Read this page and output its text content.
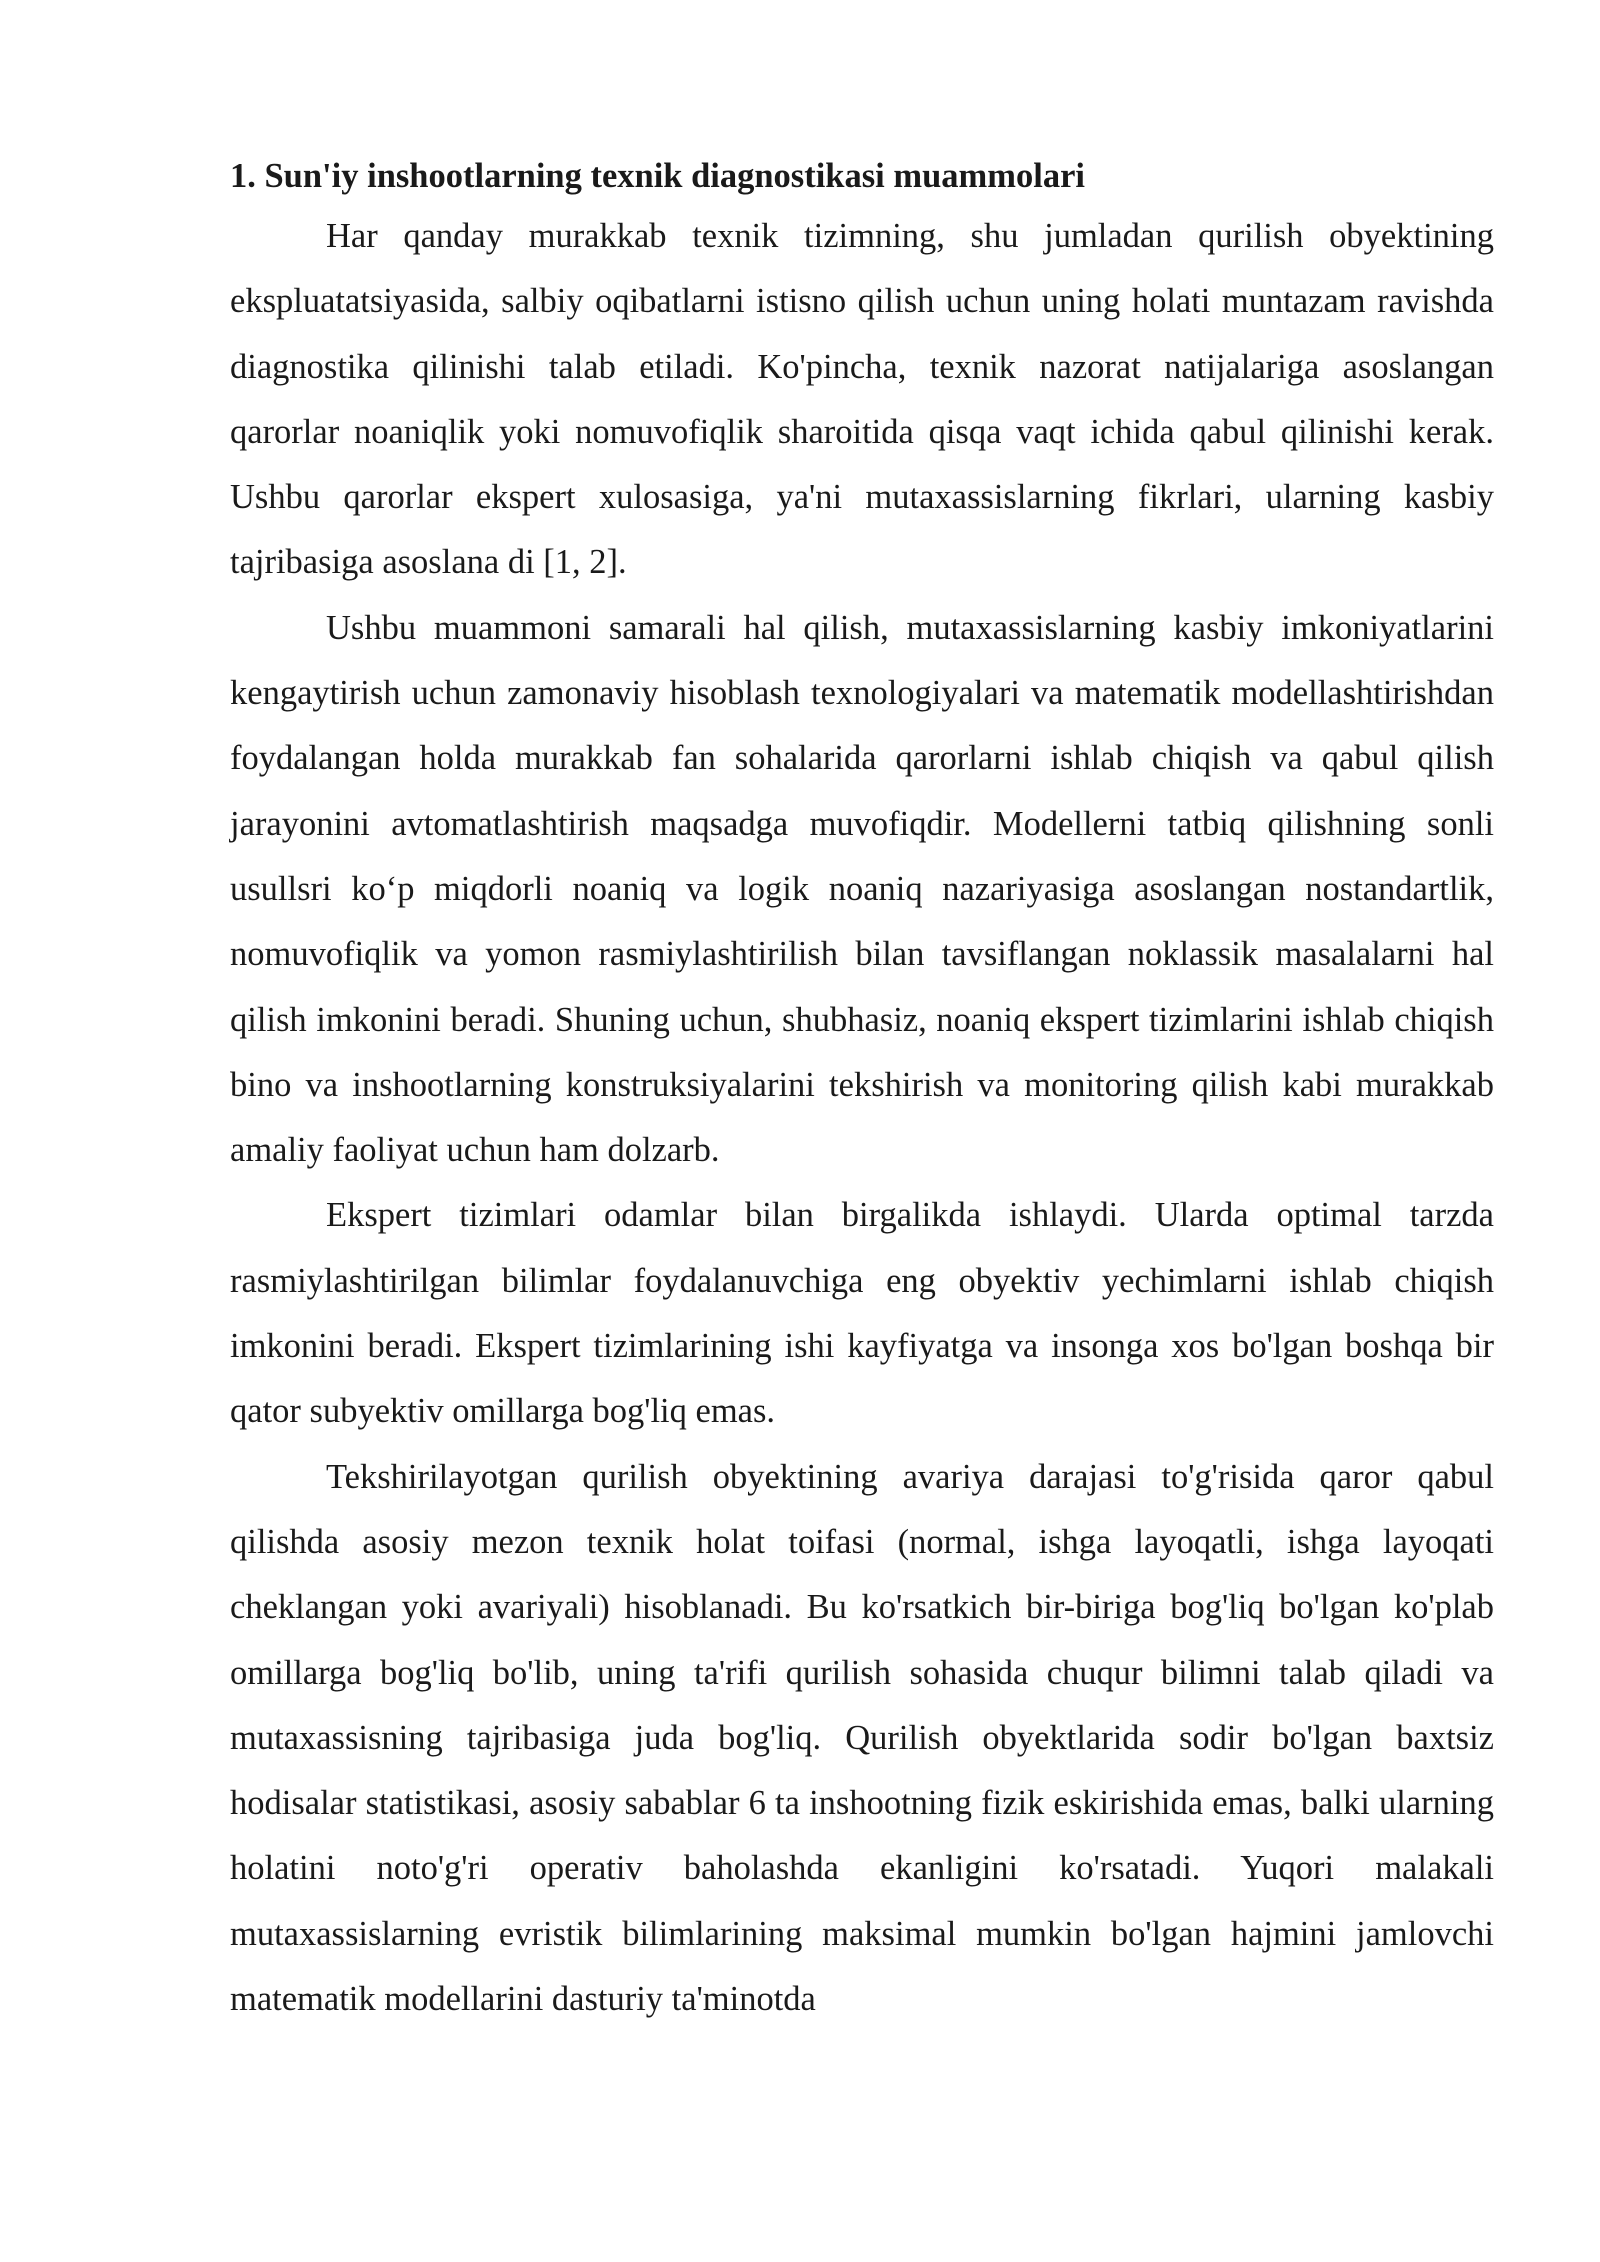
1. Sun'iy inshootlarning texnik diagnostikasi muammolari

Har qanday murakkab texnik tizimning, shu jumladan qurilish obyektining ekspluatatsiyasida, salbiy oqibatlarni istisno qilish uchun uning holati muntazam ravishda diagnostika qilinishi talab etiladi. Ko'pincha, texnik nazorat natijalariga asoslangan qarorlar noaniqlik yoki nomuvofiqlik sharoitida qisqa vaqt ichida qabul qilinishi kerak. Ushbu qarorlar ekspert xulosasiga, ya'ni mutaxassislarning fikrlari, ularning kasbiy tajribasiga asoslana di [1, 2].

Ushbu muammoni samarali hal qilish, mutaxassislarning kasbiy imkoniyatlarini kengaytirish uchun zamonaviy hisoblash texnologiyalari va matematik modellashtirishdan foydalangan holda murakkab fan sohalarida qarorlarni ishlab chiqish va qabul qilish jarayonini avtomatlashtirish maqsadga muvofiqdir. Modellerni tatbiq qilishning sonli usullsri ko‘p miqdorli noaniq va logik noaniq nazariyasiga asoslangan nostandartlik, nomuvofiqlik va yomon rasmiylashtirilish bilan tavsiflangan noklassik masalalarni hal qilish imkonini beradi. Shuning uchun, shubhasiz, noaniq ekspert tizimlarini ishlab chiqish bino va inshootlarning konstruksiyalarini tekshirish va monitoring qilish kabi murakkab amaliy faoliyat uchun ham dolzarb.

Ekspert tizimlari odamlar bilan birgalikda ishlaydi. Ularda optimal tarzda rasmiylashtirilgan bilimlar foydalanuvchiga eng obyektiv yechimlarni ishlab chiqish imkonini beradi. Ekspert tizimlarining ishi kayfiyatga va insonga xos bo'lgan boshqa bir qator subyektiv omillarga bog'liq emas.

Tekshirilayotgan qurilish obyektining avariya darajasi to'g'risida qaror qabul qilishda asosiy mezon texnik holat toifasi (normal, ishga layoqatli, ishga layoqati cheklangan yoki avariyali) hisoblanadi. Bu ko'rsatkich bir-biriga bog'liq bo'lgan ko'plab omillarga bog'liq bo'lib, uning ta'rifi qurilish sohasida chuqur bilimni talab qiladi va mutaxassisning tajribasiga juda bog'liq. Qurilish obyektlarida sodir bo'lgan baxtsiz hodisalar statistikasi, asosiy sabablar 6 ta inshootning fizik eskirishida emas, balki ularning holatini noto'g'ri operativ baholashda ekanligini ko'rsatadi. Yuqori malakali mutaxassislarning evristik bilimlarining maksimal mumkin bo'lgan hajmini jamlovchi matematik modellarini dasturiy ta'minotda
